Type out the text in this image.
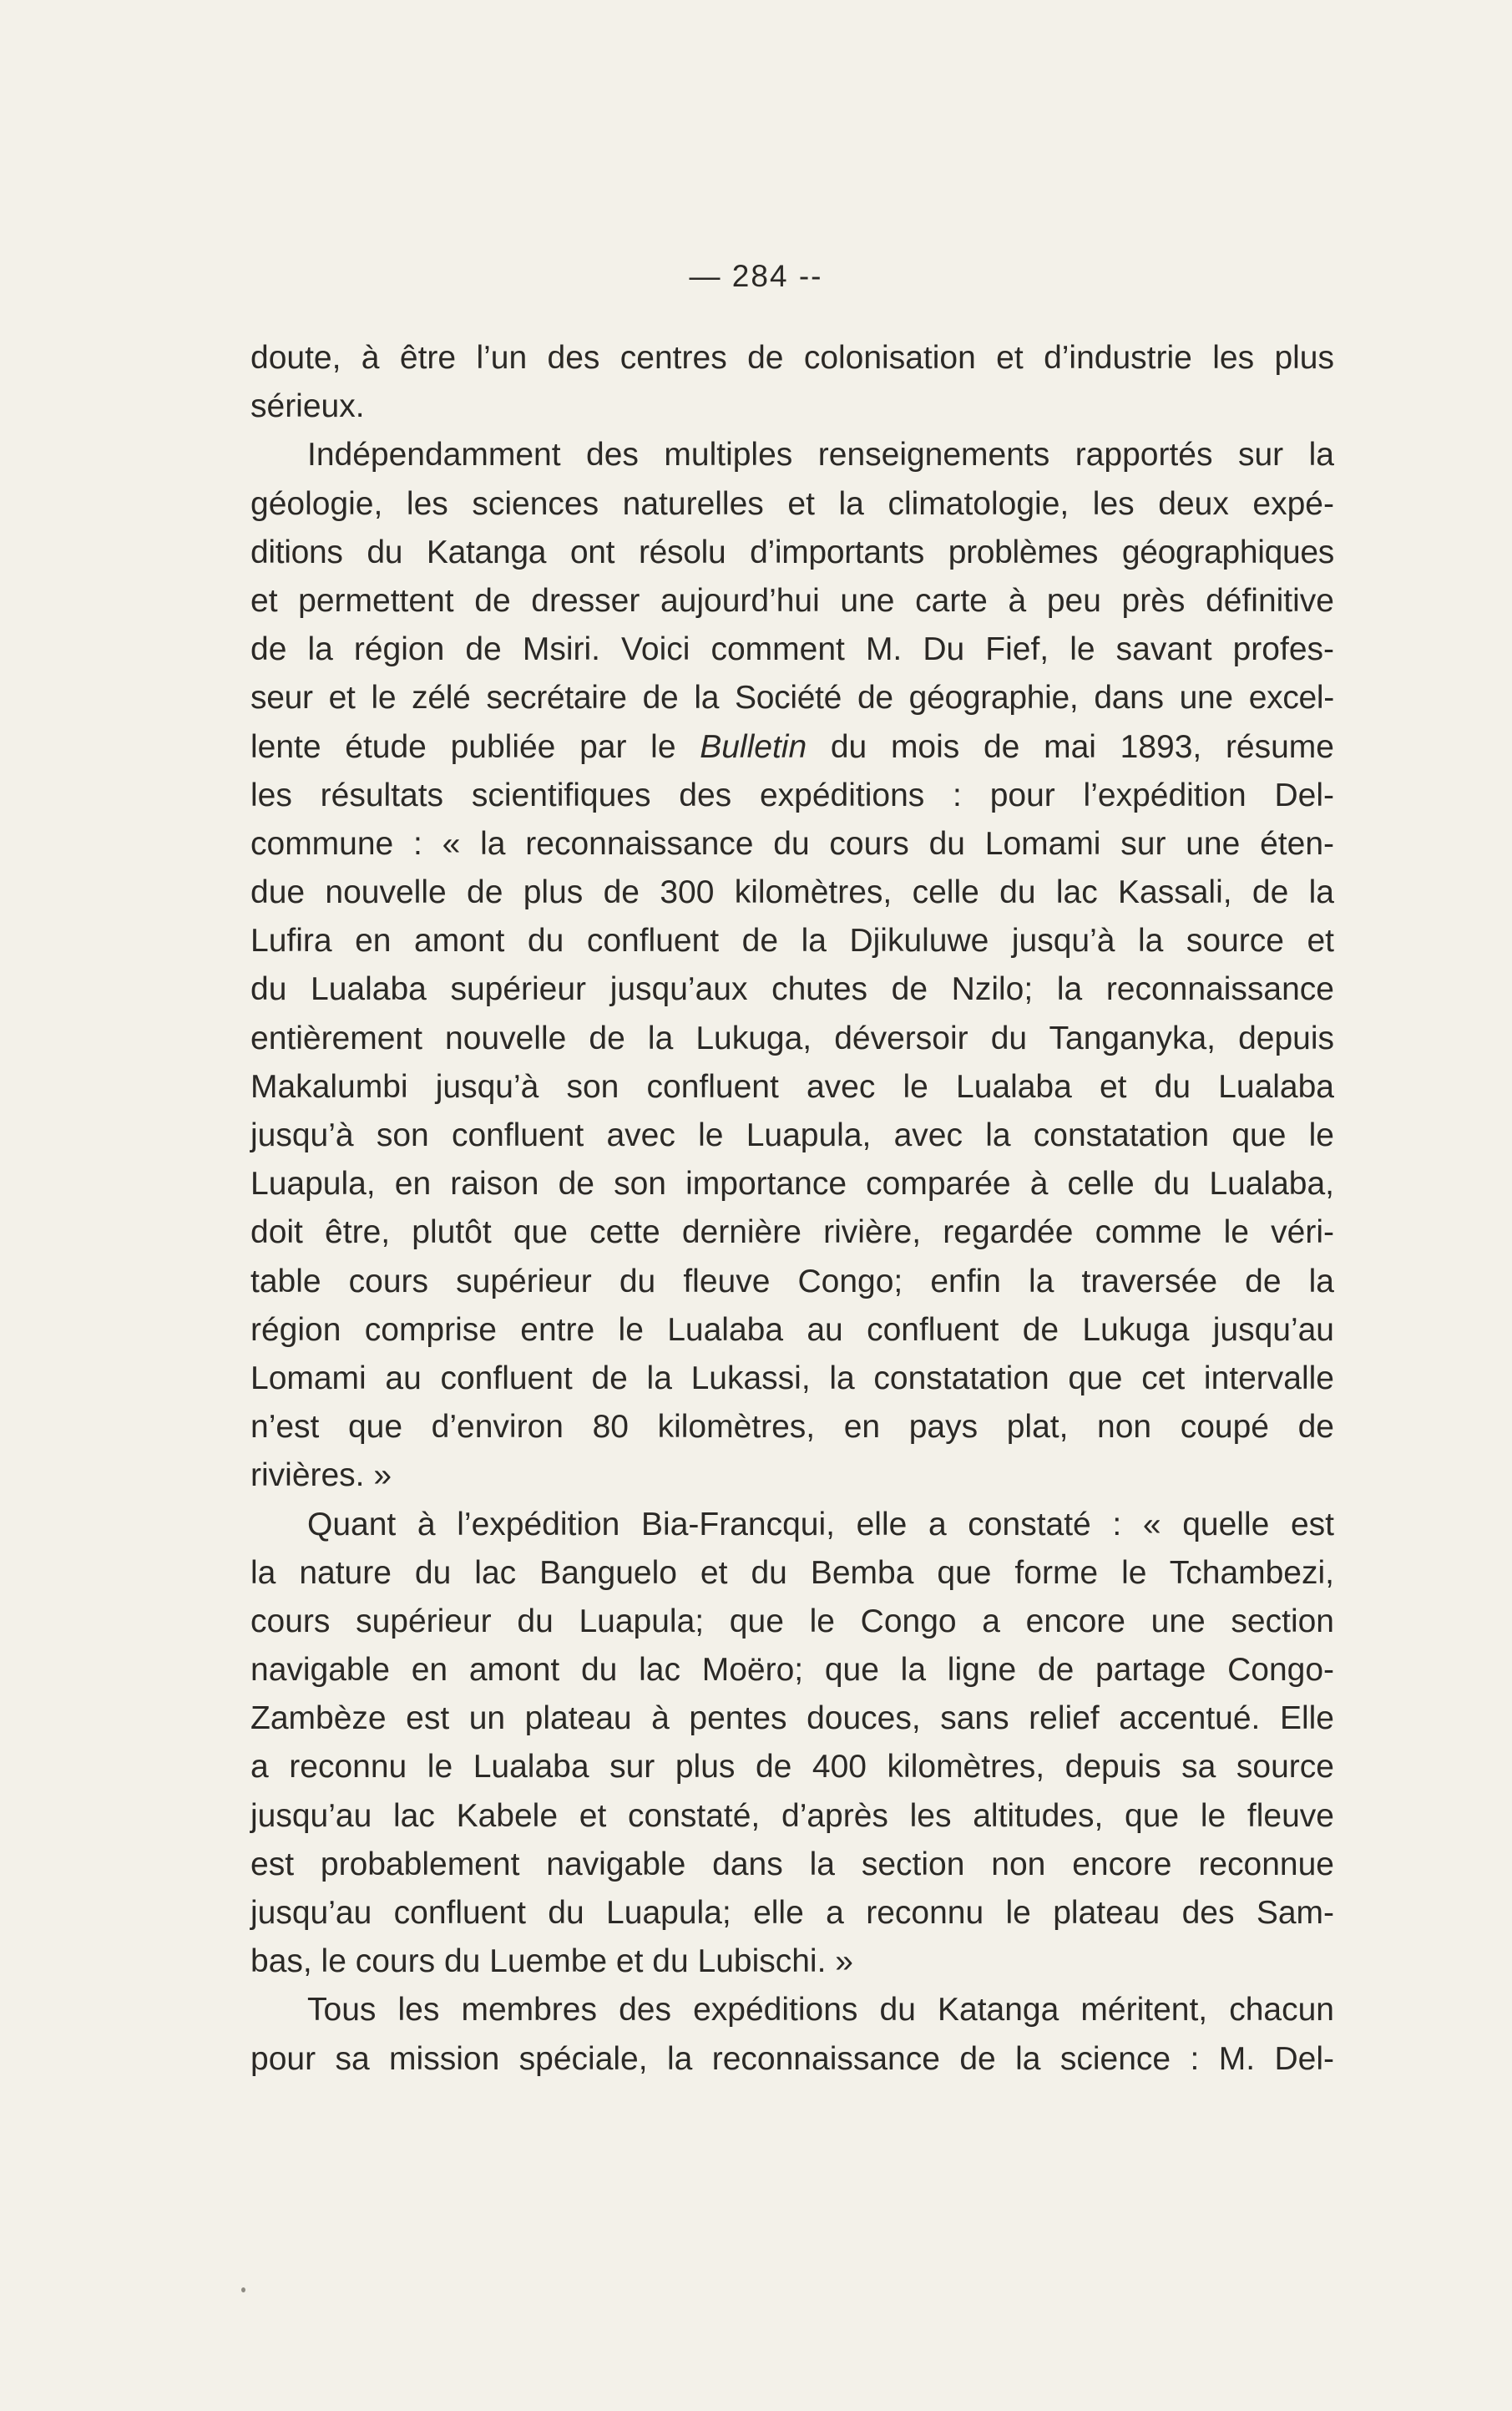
— 284 --
doute, à être l’un des centres de colonisation et d’industrie les plus
sérieux.
Indépendamment des multiples renseignements rapportés sur la
géologie, les sciences naturelles et la climatologie, les deux expé-
ditions du Katanga ont résolu d’importants problèmes géographiques
et permettent de dresser aujourd’hui une carte à peu près définitive
de la région de Msiri. Voici comment M. Du Fief, le savant profes-
seur et le zélé secrétaire de la Société de géographie, dans une excel-
lente étude publiée par le Bulletin du mois de mai 1893, résume
les résultats scientifiques des expéditions : pour l’expédition Del-
commune : « la reconnaissance du cours du Lomami sur une éten-
due nouvelle de plus de 300 kilomètres, celle du lac Kassali, de la
Lufira en amont du confluent de la Djikuluwe jusqu’à la source et
du Lualaba supérieur jusqu’aux chutes de Nzilo; la reconnaissance
entièrement nouvelle de la Lukuga, déversoir du Tanganyka, depuis
Makalumbi jusqu’à son confluent avec le Lualaba et du Lualaba
jusqu’à son confluent avec le Luapula, avec la constatation que le
Luapula, en raison de son importance comparée à celle du Lualaba,
doit être, plutôt que cette dernière rivière, regardée comme le véri-
table cours supérieur du fleuve Congo; enfin la traversée de la
région comprise entre le Lualaba au confluent de Lukuga jusqu’au
Lomami au confluent de la Lukassi, la constatation que cet intervalle
n’est que d’environ 80 kilomètres, en pays plat, non coupé de
rivières. »
Quant à l’expédition Bia-Francqui, elle a constaté : « quelle est
la nature du lac Banguelo et du Bemba que forme le Tchambezi,
cours supérieur du Luapula; que le Congo a encore une section
navigable en amont du lac Moëro; que la ligne de partage Congo-
Zambèze est un plateau à pentes douces, sans relief accentué. Elle
a reconnu le Lualaba sur plus de 400 kilomètres, depuis sa source
jusqu’au lac Kabele et constaté, d’après les altitudes, que le fleuve
est probablement navigable dans la section non encore reconnue
jusqu’au confluent du Luapula; elle a reconnu le plateau des Sam-
bas, le cours du Luembe et du Lubischi. »
Tous les membres des expéditions du Katanga méritent, chacun
pour sa mission spéciale, la reconnaissance de la science : M. Del-
